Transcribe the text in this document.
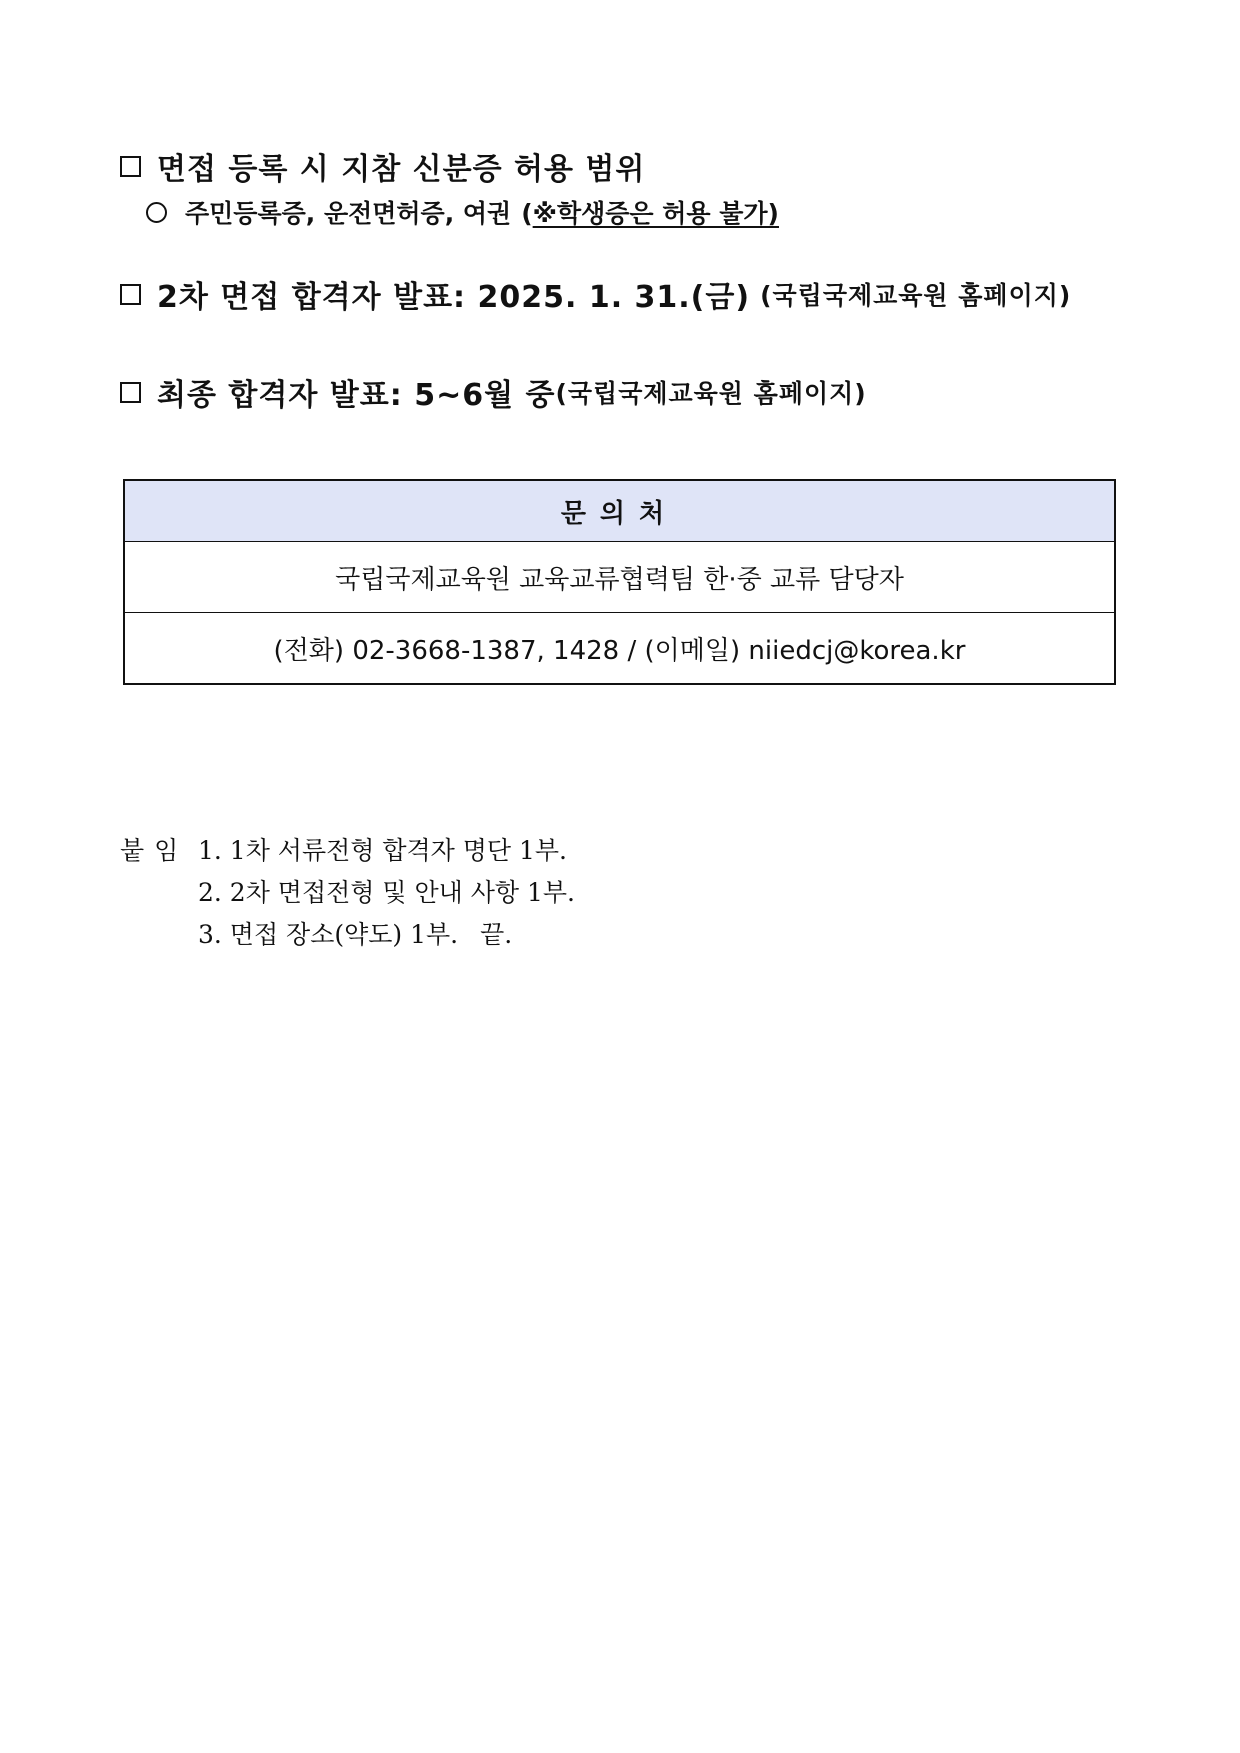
면접 등록 시 지참 신분증 허용 범위
주민등록증, 운전면허증, 여권 (※학생증은 허용 불가)
2차 면접 합격자 발표: 2025. 1. 31.(금) (국립국제교육원 홈페이지)
최종 합격자 발표: 5~6월 중 (국립국제교육원 홈페이지)
문의처
국립국제교육원 교육교류협력팀 한·중 교류 담당자
(전화) 02-3668-1387, 1428 / (이메일) niiedcj@korea.kr
붙임 1. 1차 서류전형 합격자 명단 1부.
2. 2차 면접전형 및 안내 사항 1부.
3. 면접 장소(약도) 1부. 끝.
